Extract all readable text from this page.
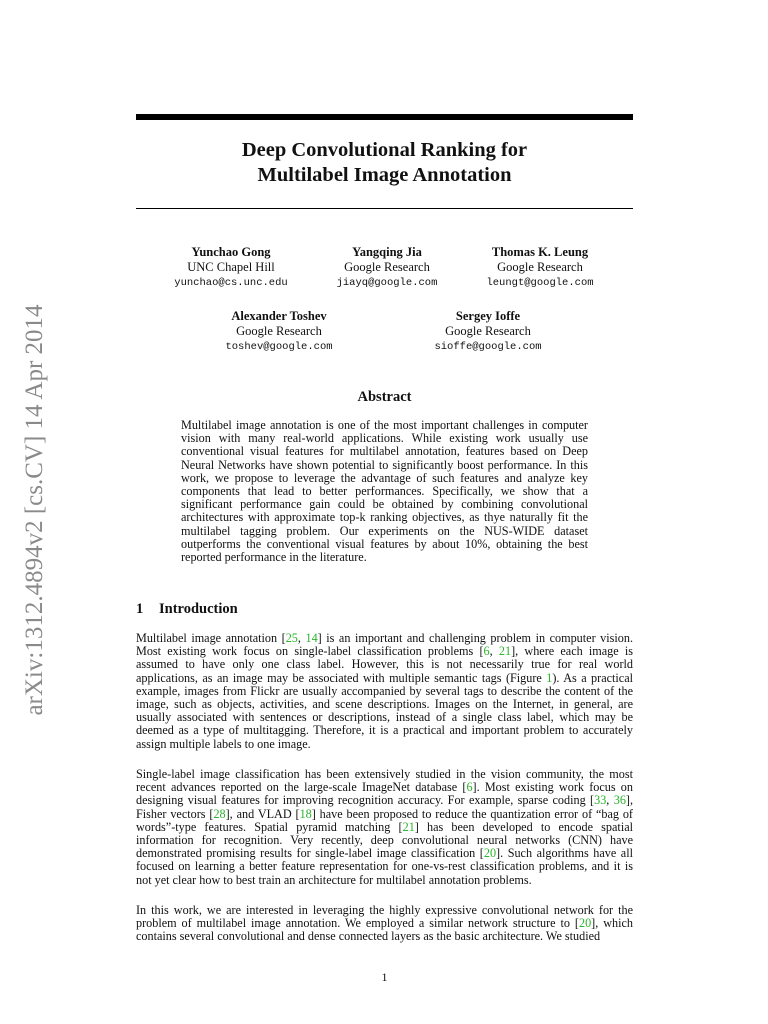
arXiv:1312.4894v2 [cs.CV] 14 Apr 2014
Deep Convolutional Ranking for
Multilabel Image Annotation
Yunchao Gong
UNC Chapel Hill
yunchao@cs.unc.edu
Yangqing Jia
Google Research
jiayq@google.com
Thomas K. Leung
Google Research
leungt@google.com
Alexander Toshev
Google Research
toshev@google.com
Sergey Ioffe
Google Research
sioffe@google.com
Abstract
Multilabel image annotation is one of the most important challenges in computer vision with many real-world applications. While existing work usually use conventional visual features for multilabel annotation, features based on Deep Neural Networks have shown potential to significantly boost performance. In this work, we propose to leverage the advantage of such features and analyze key components that lead to better performances. Specifically, we show that a significant performance gain could be obtained by combining convolutional architectures with approximate top-k ranking objectives, as thye naturally fit the multilabel tagging problem. Our experiments on the NUS-WIDE dataset outperforms the conventional visual features by about 10%, obtaining the best reported performance in the literature.
1 Introduction
Multilabel image annotation [25, 14] is an important and challenging problem in computer vision. Most existing work focus on single-label classification problems [6, 21], where each image is assumed to have only one class label. However, this is not necessarily true for real world applications, as an image may be associated with multiple semantic tags (Figure 1). As a practical example, images from Flickr are usually accompanied by several tags to describe the content of the image, such as objects, activities, and scene descriptions. Images on the Internet, in general, are usually associated with sentences or descriptions, instead of a single class label, which may be deemed as a type of multitagging. Therefore, it is a practical and important problem to accurately assign multiple labels to one image.
Single-label image classification has been extensively studied in the vision community, the most recent advances reported on the large-scale ImageNet database [6]. Most existing work focus on designing visual features for improving recognition accuracy. For example, sparse coding [33, 36], Fisher vectors [28], and VLAD [18] have been proposed to reduce the quantization error of “bag of words”-type features. Spatial pyramid matching [21] has been developed to encode spatial information for recognition. Very recently, deep convolutional neural networks (CNN) have demonstrated promising results for single-label image classification [20]. Such algorithms have all focused on learning a better feature representation for one-vs-rest classification problems, and it is not yet clear how to best train an architecture for multilabel annotation problems.
In this work, we are interested in leveraging the highly expressive convolutional network for the problem of multilabel image annotation. We employed a similar network structure to [20], which contains several convolutional and dense connected layers as the basic architecture. We studied
1
